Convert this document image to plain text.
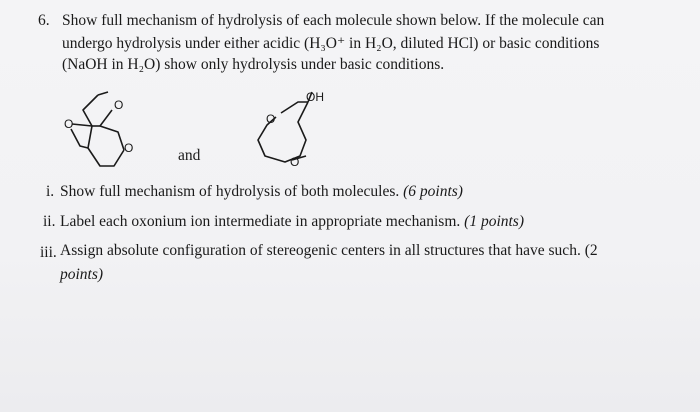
6. Show full mechanism of hydrolysis of each molecule shown below. If the molecule can
undergo hydrolysis under either acidic (H₃O⁺ in H₂O, diluted HCl) or basic conditions
(NaOH in H₂O) show only hydrolysis under basic conditions.
O
O
O
OH
O
O
and
i. Show full mechanism of hydrolysis of both molecules. (6 points)
ii. Label each oxonium ion intermediate in appropriate mechanism. (1 points)
iii. Assign absolute configuration of stereogenic centers in all structures that have such. (2
points)
